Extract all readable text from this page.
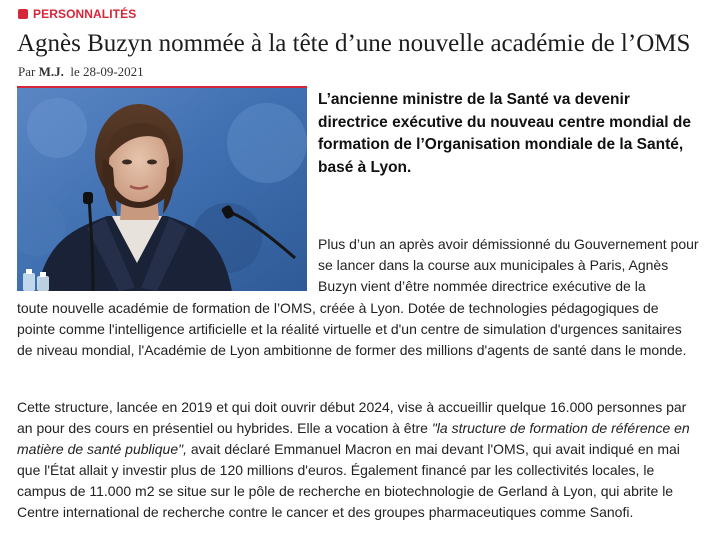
PERSONNALITÉS
Agnès Buzyn nommée à la tête d’une nouvelle académie de l’OMS
Par M.J. le 28-09-2021

L’ancienne ministre de la Santé va devenir directrice exécutive du nouveau centre mondial de formation de l’Organisation mondiale de la Santé, basé à Lyon.

Plus d’un an après avoir démissionné du Gouvernement pour se lancer dans la course aux municipales à Paris, Agnès Buzyn vient d’être nommée directrice exécutive de la

toute nouvelle académie de formation de l’OMS, créée à Lyon. Dotée de technologies pédagogiques de pointe comme l'intelligence artificielle et la réalité virtuelle et d'un centre de simulation d'urgences sanitaires de niveau mondial, l'Académie de Lyon ambitionne de former des millions d'agents de santé dans le monde.

Cette structure, lancée en 2019 et qui doit ouvrir début 2024, vise à accueillir quelque 16.000 personnes par an pour des cours en présentiel ou hybrides. Elle a vocation à être "la structure de formation de référence en matière de santé publique", avait déclaré Emmanuel Macron en mai devant l'OMS, qui avait indiqué en mai que l'État allait y investir plus de 120 millions d'euros. Également financé par les collectivités locales, le campus de 11.000 m2 se situe sur le pôle de recherche en biotechnologie de Gerland à Lyon, qui abrite le Centre international de recherche contre le cancer et des groupes pharmaceutiques comme Sanofi.
